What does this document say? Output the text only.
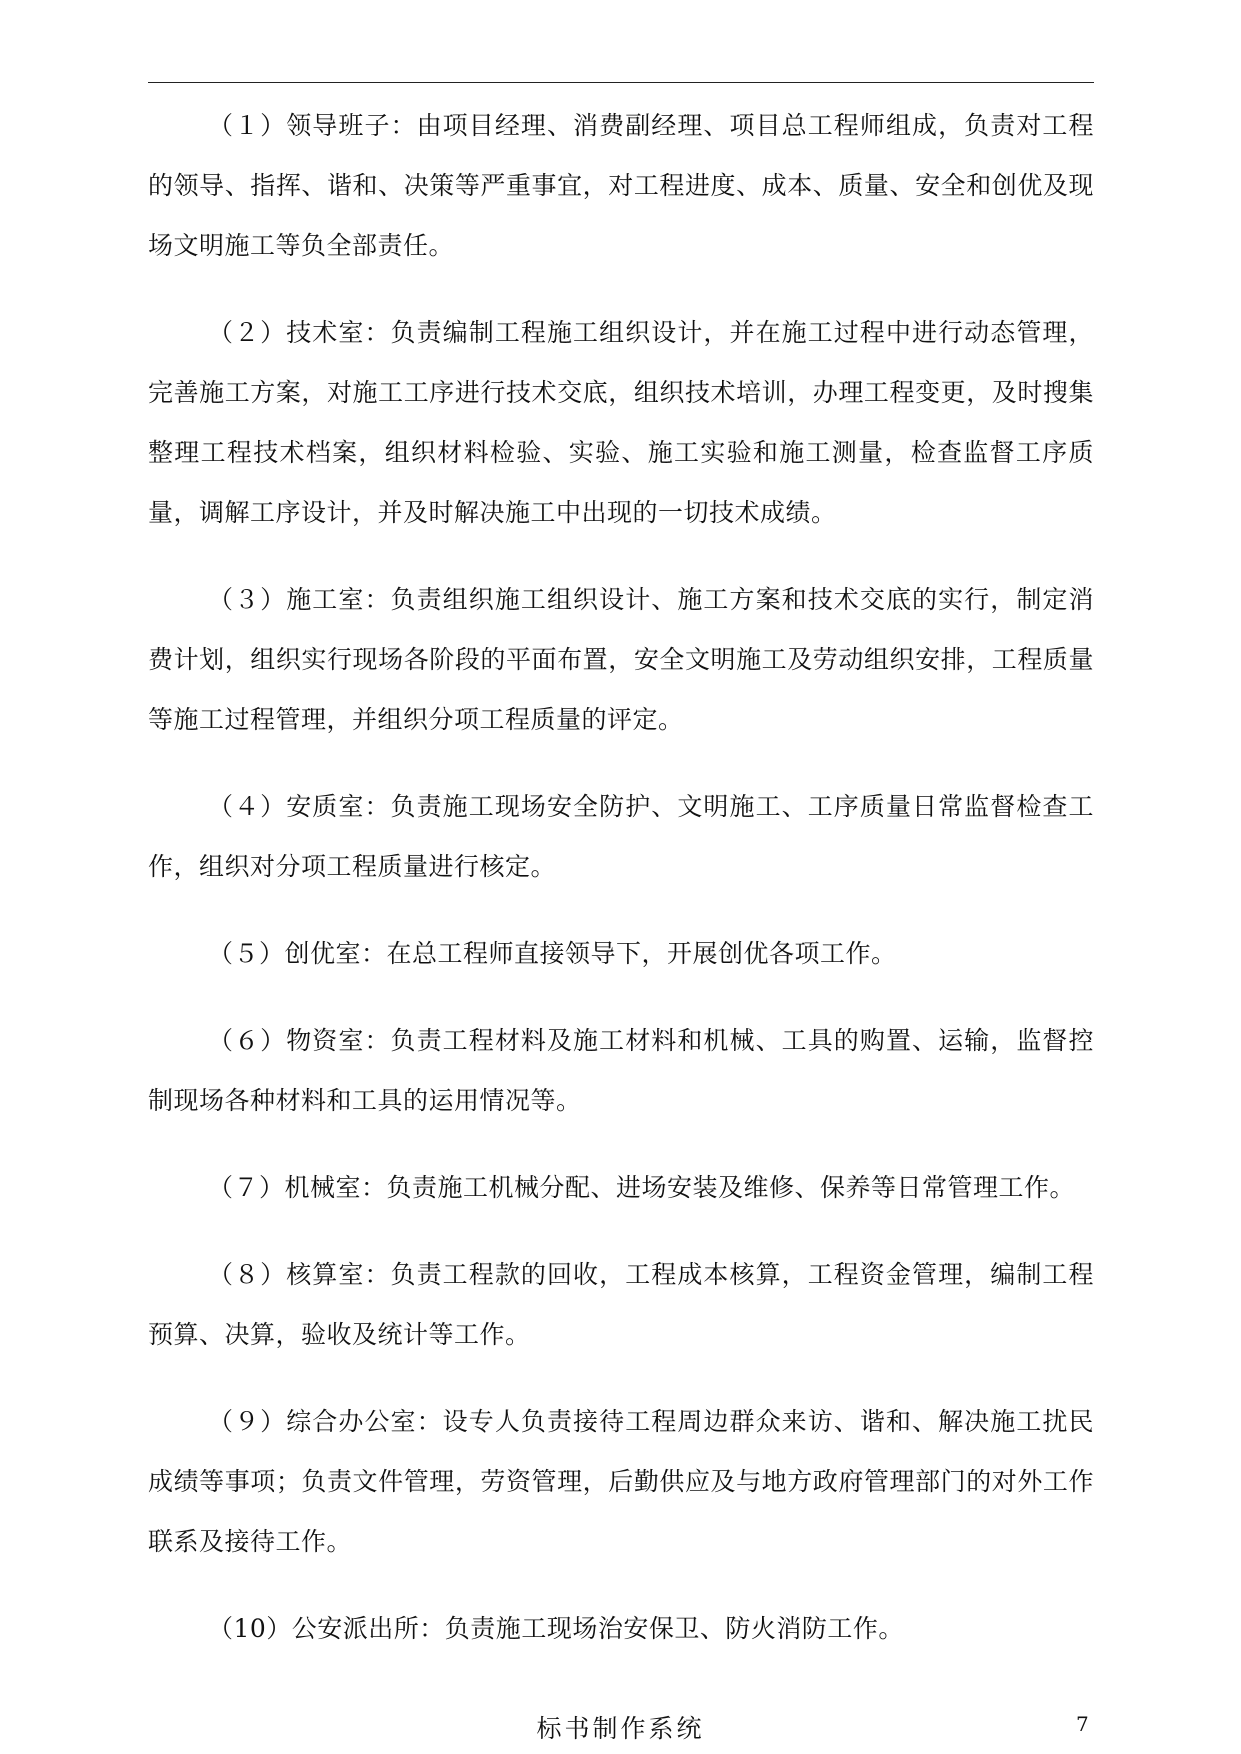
（１）领导班子：由项目经理、消费副经理、项目总工程师组成，负责对工程的领导、指挥、谐和、决策等严重事宜，对工程进度、成本、质量、安全和创优及现场文明施工等负全部责任。

（２）技术室：负责编制工程施工组织设计，并在施工过程中进行动态管理，完善施工方案，对施工工序进行技术交底，组织技术培训，办理工程变更，及时搜集整理工程技术档案，组织材料检验、实验、施工实验和施工测量，检查监督工序质量，调解工序设计，并及时解决施工中出现的一切技术成绩。

（３）施工室：负责组织施工组织设计、施工方案和技术交底的实行，制定消费计划，组织实行现场各阶段的平面布置，安全文明施工及劳动组织安排，工程质量等施工过程管理，并组织分项工程质量的评定。

（４）安质室：负责施工现场安全防护、文明施工、工序质量日常监督检查工作，组织对分项工程质量进行核定。

（５）创优室：在总工程师直接领导下，开展创优各项工作。

（６）物资室：负责工程材料及施工材料和机械、工具的购置、运输，监督控制现场各种材料和工具的运用情况等。

（７）机械室：负责施工机械分配、进场安装及维修、保养等日常管理工作。

（８）核算室：负责工程款的回收，工程成本核算，工程资金管理，编制工程预算、决算，验收及统计等工作。

（９）综合办公室：设专人负责接待工程周边群众来访、谐和、解决施工扰民成绩等事项；负责文件管理，劳资管理，后勤供应及与地方政府管理部门的对外工作联系及接待工作。

（10）公安派出所：负责施工现场治安保卫、防火消防工作。

标书制作系统	7
